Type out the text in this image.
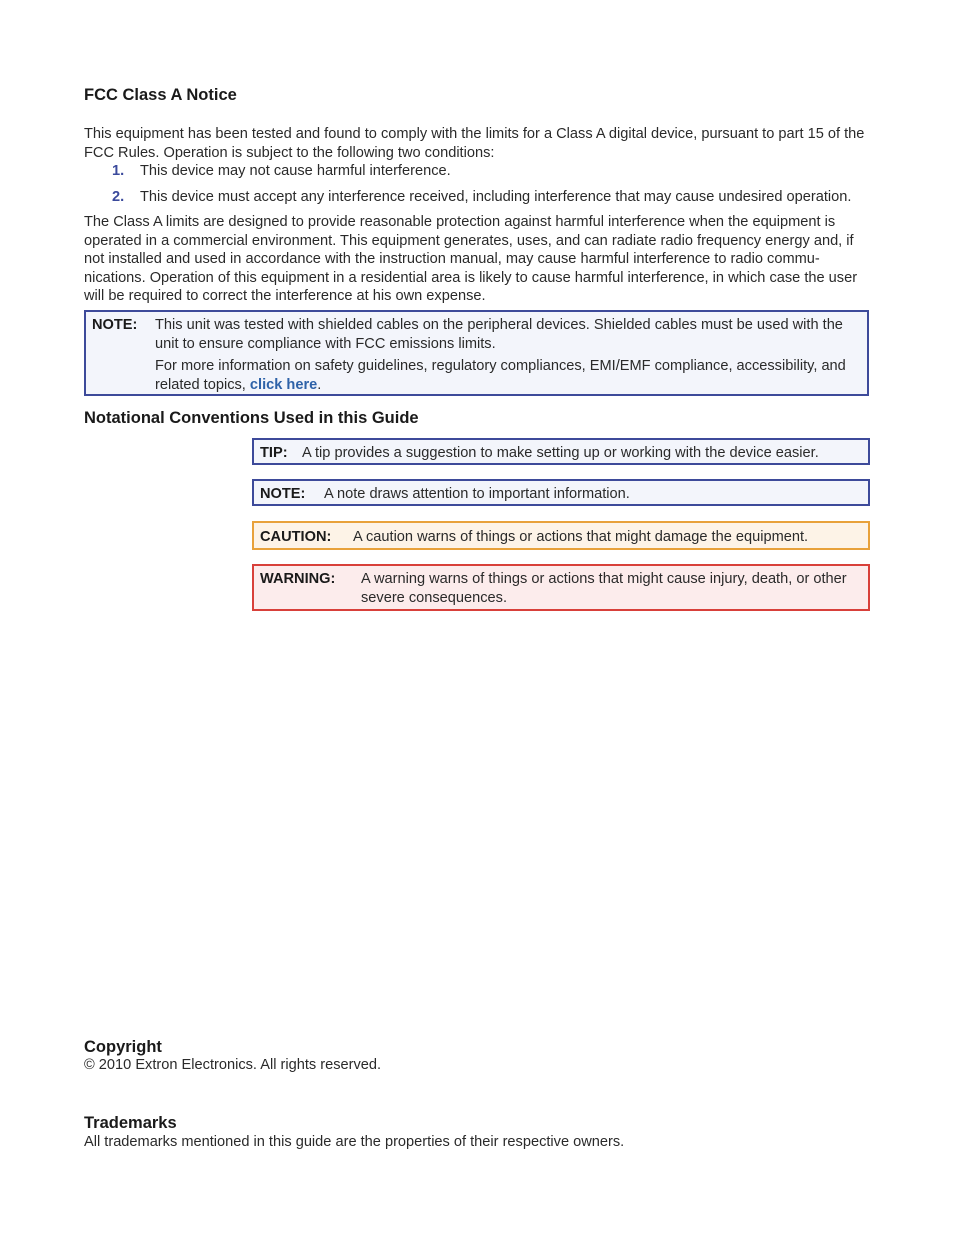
FCC Class A Notice

This equipment has been tested and found to comply with the limits for a Class A digital device, pursuant to part 15 of the FCC Rules. Operation is subject to the following two conditions:

1. This device may not cause harmful interference.
2. This device must accept any interference received, including interference that may cause undesired operation.

The Class A limits are designed to provide reasonable protection against harmful interference when the equipment is operated in a commercial environment. This equipment generates, uses, and can radiate radio frequency energy and, if not installed and used in accordance with the instruction manual, may cause harmful interference to radio commu-nications. Operation of this equipment in a residential area is likely to cause harmful interference, in which case the user will be required to correct the interference at his own expense.

NOTE: This unit was tested with shielded cables on the peripheral devices. Shielded cables must be used with the unit to ensure compliance with FCC emissions limits.

For more information on safety guidelines, regulatory compliances, EMI/EMF compliance, accessibility, and related topics, click here.

Notational Conventions Used in this Guide
TIP: A tip provides a suggestion to make setting up or working with the device easier.
NOTE: A note draws attention to important information.
CAUTION: A caution warns of things or actions that might damage the equipment.
WARNING: A warning warns of things or actions that might cause injury, death, or other severe consequences.

Copyright

© 2010 Extron Electronics. All rights reserved.

Trademarks

All trademarks mentioned in this guide are the properties of their respective owners.
